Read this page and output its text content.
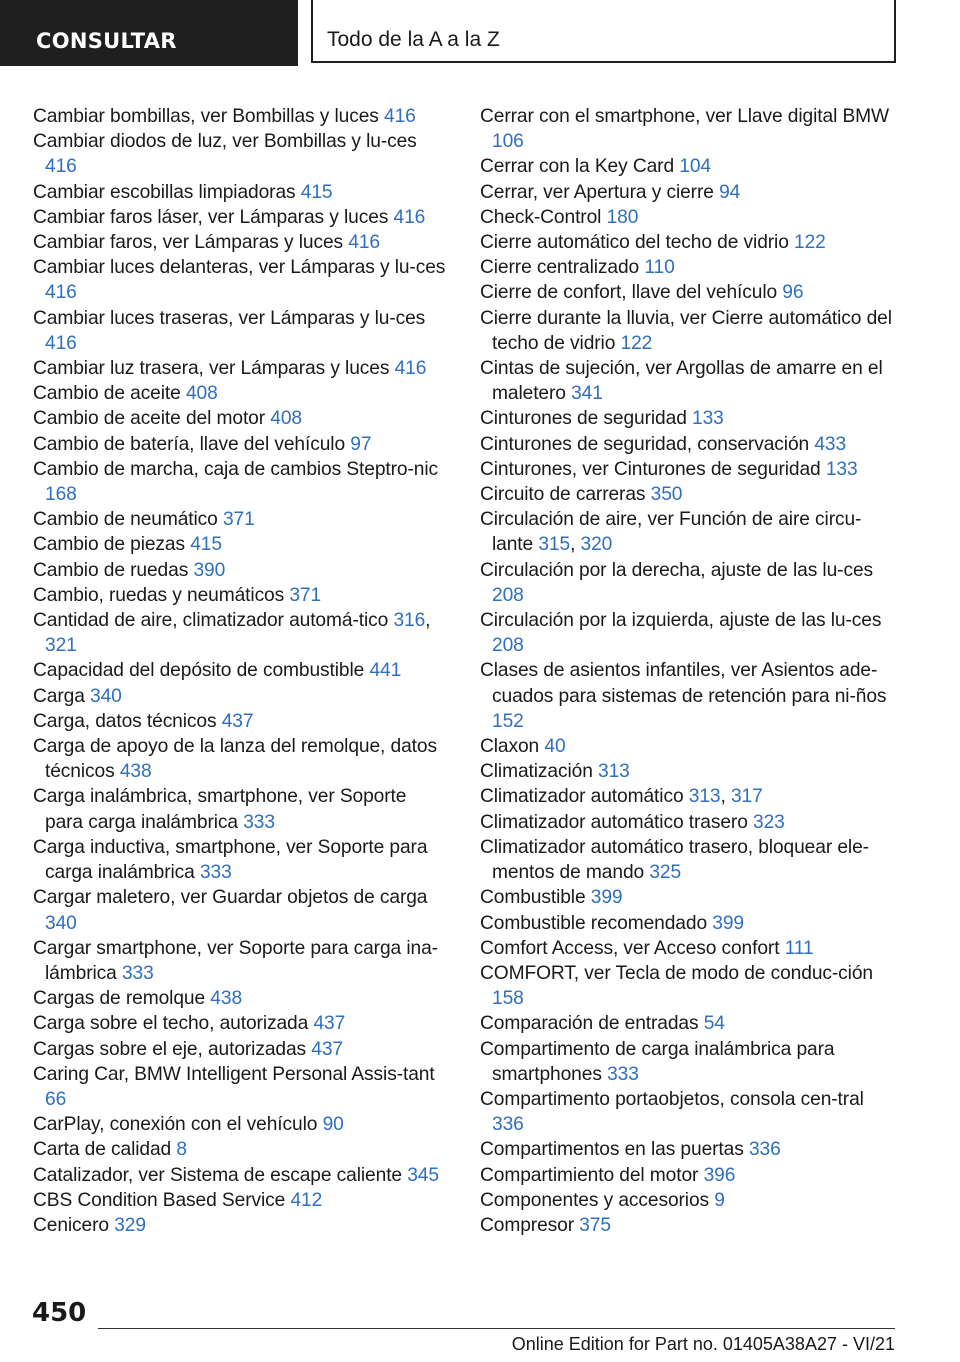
CONSULTAR	Todo de la A a la Z
Cambiar bombillas, ver Bombillas y luces 416
Cambiar diodos de luz, ver Bombillas y lu-ces 416
Cambiar escobillas limpiadoras 415
Cambiar faros láser, ver Lámparas y luces 416
Cambiar faros, ver Lámparas y luces 416
Cambiar luces delanteras, ver Lámparas y lu-ces 416
Cambiar luces traseras, ver Lámparas y lu-ces 416
Cambiar luz trasera, ver Lámparas y luces 416
Cambio de aceite 408
Cambio de aceite del motor 408
Cambio de batería, llave del vehículo 97
Cambio de marcha, caja de cambios Steptro-nic 168
Cambio de neumático 371
Cambio de piezas 415
Cambio de ruedas 390
Cambio, ruedas y neumáticos 371
Cantidad de aire, climatizador automá-tico 316, 321
Capacidad del depósito de combustible 441
Carga 340
Carga, datos técnicos 437
Carga de apoyo de la lanza del remolque, datos técnicos 438
Carga inalámbrica, smartphone, ver Soporte para carga inalámbrica 333
Carga inductiva, smartphone, ver Soporte para carga inalámbrica 333
Cargar maletero, ver Guardar objetos de carga 340
Cargar smartphone, ver Soporte para carga ina-lámbrica 333
Cargas de remolque 438
Carga sobre el techo, autorizada 437
Cargas sobre el eje, autorizadas 437
Caring Car, BMW Intelligent Personal Assis-tant 66
CarPlay, conexión con el vehículo 90
Carta de calidad 8
Catalizador, ver Sistema de escape caliente 345
CBS Condition Based Service 412
Cenicero 329
Cerrar con el smartphone, ver Llave digital BMW 106
Cerrar con la Key Card 104
Cerrar, ver Apertura y cierre 94
Check-Control 180
Cierre automático del techo de vidrio 122
Cierre centralizado 110
Cierre de confort, llave del vehículo 96
Cierre durante la lluvia, ver Cierre automático del techo de vidrio 122
Cintas de sujeción, ver Argollas de amarre en el maletero 341
Cinturones de seguridad 133
Cinturones de seguridad, conservación 433
Cinturones, ver Cinturones de seguridad 133
Circuito de carreras 350
Circulación de aire, ver Función de aire circu-lante 315, 320
Circulación por la derecha, ajuste de las lu-ces 208
Circulación por la izquierda, ajuste de las lu-ces 208
Clases de asientos infantiles, ver Asientos ade-cuados para sistemas de retención para ni-ños 152
Claxon 40
Climatización 313
Climatizador automático 313, 317
Climatizador automático trasero 323
Climatizador automático trasero, bloquear ele-mentos de mando 325
Combustible 399
Combustible recomendado 399
Comfort Access, ver Acceso confort 111
COMFORT, ver Tecla de modo de conduc-ción 158
Comparación de entradas 54
Compartimento de carga inalámbrica para smartphones 333
Compartimento portaobjetos, consola cen-tral 336
Compartimentos en las puertas 336
Compartimiento del motor 396
Componentes y accesorios 9
Compresor 375
450
Online Edition for Part no. 01405A38A27 - VI/21
